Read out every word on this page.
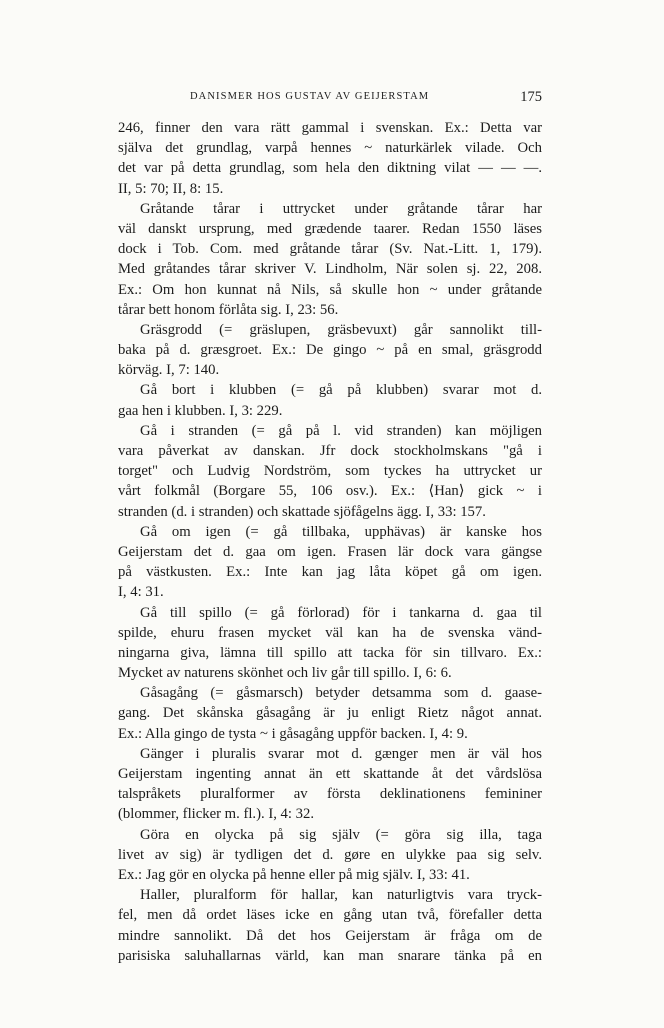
DANISMER HOS GUSTAV AV GEIJERSTAM	175
246, finner den vara rätt gammal i svenskan. Ex.: Detta var
själva det grundlag, varpå hennes ~ naturkärlek vilade. Och
det var på detta grundlag, som hela den diktning vilat — — —.
II, 5: 70; II, 8: 15.
Gråtande tårar i uttrycket under gråtande tårar har
väl danskt ursprung, med grædende taarer. Redan 1550 läses
dock i Tob. Com. med gråtande tårar (Sv. Nat.-Litt. 1, 179).
Med gråtandes tårar skriver V. Lindholm, När solen sj. 22, 208.
Ex.: Om hon kunnat nå Nils, så skulle hon ~ under gråtande
tårar bett honom förlåta sig. I, 23: 56.
Gräsgrodd (= gräslupen, gräsbevuxt) går sannolikt till-
baka på d. græsgroet. Ex.: De gingo ~ på en smal, gräsgrodd
körväg. I, 7: 140.
Gå bort i klubben (= gå på klubben) svarar mot d.
gaa hen i klubben. I, 3: 229.
Gå i stranden (= gå på l. vid stranden) kan möjligen
vara påverkat av danskan. Jfr dock stockholmskans "gå i
torget" och Ludvig Nordström, som tyckes ha uttrycket ur
vårt folkmål (Borgare 55, 106 osv.). Ex.: ⟨Han⟩ gick ~ i
stranden (d. i stranden) och skattade sjöfågelns ägg. I, 33: 157.
Gå om igen (= gå tillbaka, upphävas) är kanske hos
Geijerstam det d. gaa om igen. Frasen lär dock vara gängse
på västkusten. Ex.: Inte kan jag låta köpet gå om igen.
I, 4: 31.
Gå till spillo (= gå förlorad) för i tankarna d. gaa til
spilde, ehuru frasen mycket väl kan ha de svenska vänd-
ningarna giva, lämna till spillo att tacka för sin tillvaro. Ex.:
Mycket av naturens skönhet och liv går till spillo. I, 6: 6.
Gåsagång (= gåsmarsch) betyder detsamma som d. gaase-
gang. Det skånska gåsagång är ju enligt Rietz något annat.
Ex.: Alla gingo de tysta ~ i gåsagång uppför backen. I, 4: 9.
Gänger i pluralis svarar mot d. gænger men är väl hos
Geijerstam ingenting annat än ett skattande åt det vårdslösa
talspråkets pluralformer av första deklinationens femininer
(blommer, flicker m. fl.). I, 4: 32.
Göra en olycka på sig själv (= göra sig illa, taga
livet av sig) är tydligen det d. gøre en ulykke paa sig selv.
Ex.: Jag gör en olycka på henne eller på mig själv. I, 33: 41.
Haller, pluralform för hallar, kan naturligtvis vara tryck-
fel, men då ordet läses icke en gång utan två, förefaller detta
mindre sannolikt. Då det hos Geijerstam är fråga om de
parisiska saluhallarnas värld, kan man snarare tänka på en
